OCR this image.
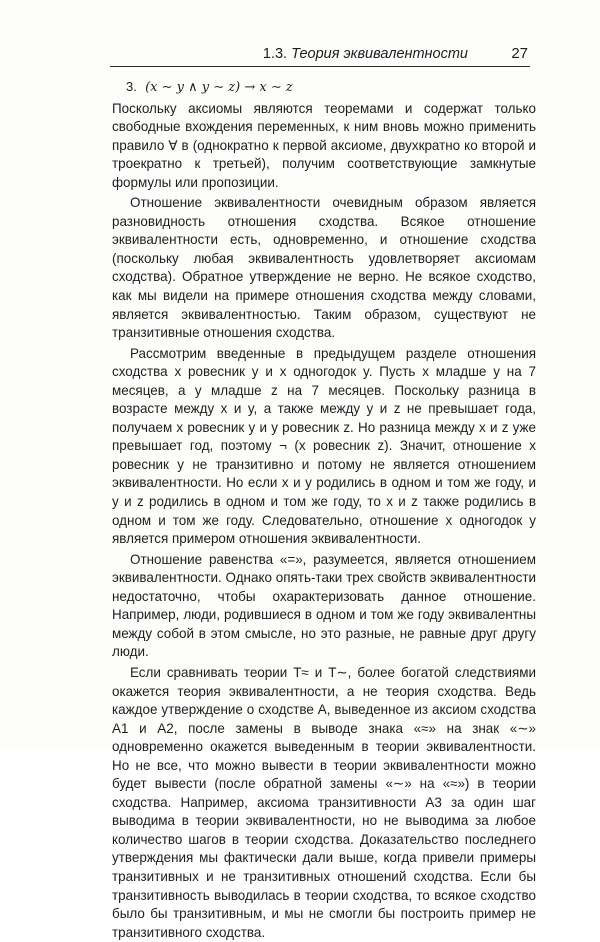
1.3. Теория эквивалентности	27

3. (x ∼ y ∧ y ∼ z) → x ∼ z

Поскольку аксиомы являются теоремами и содержат только свободные вхождения переменных, к ним вновь можно применить правило ∀ в (однократно к первой аксиоме, двухкратно ко второй и троекратно к третьей), получим соответствующие замкнутые формулы или пропозиции.

Отношение эквивалентности очевидным образом является разновидность отношения сходства. Всякое отношение эквивалентности есть, одновременно, и отношение сходства (поскольку любая эквивалентность удовлетворяет аксиомам сходства). Обратное утверждение не верно. Не всякое сходство, как мы видели на примере отношения сходства между словами, является эквивалентностью. Таким образом, существуют не транзитивные отношения сходства.

Рассмотрим введенные в предыдущем разделе отношения сходства x ровесник y и x одногодок y. Пусть x младше y на 7 месяцев, а y младше z на 7 месяцев. Поскольку разница в возрасте между x и y, а также между y и z не превышает года, получаем x ровесник y и y ровесник z. Но разница между x и z уже превышает год, поэтому ¬ (x ровесник z). Значит, отношение x ровесник y не транзитивно и потому не является отношением эквивалентности. Но если x и y родились в одном и том же году, и y и z родились в одном и том же году, то x и z также родились в одном и том же году. Следовательно, отношение x одногодок y является примером отношения эквивалентности.

Отношение равенства «=», разумеется, является отношением эквивалентности. Однако опять-таки трех свойств эквивалентности недостаточно, чтобы охарактеризовать данное отношение. Например, люди, родившиеся в одном и том же году эквивалентны между собой в этом смысле, но это разные, не равные друг другу люди.

Если сравнивать теории T≈ и T∼, более богатой следствиями окажется теория эквивалентности, а не теория сходства. Ведь каждое утверждение о сходстве A, выведенное из аксиом сходства A1 и A2, после замены в выводе знака «≈» на знак «∼» одновременно окажется выведенным в теории эквивалентности. Но не все, что можно вывести в теории эквивалентности можно будет вывести (после обратной замены «∼» на «≈») в теории сходства. Например, аксиома транзитивности A3 за один шаг выводима в теории эквивалентности, но не выводима за любое количество шагов в теории сходства. Доказательство последнего утверждения мы фактически дали выше, когда привели примеры транзитивных и не транзитивных отношений сходства. Если бы транзитивность выводилась в теории сходства, то всякое сходство было бы транзитивным, и мы не смогли бы построить пример не транзитивного сходства.
